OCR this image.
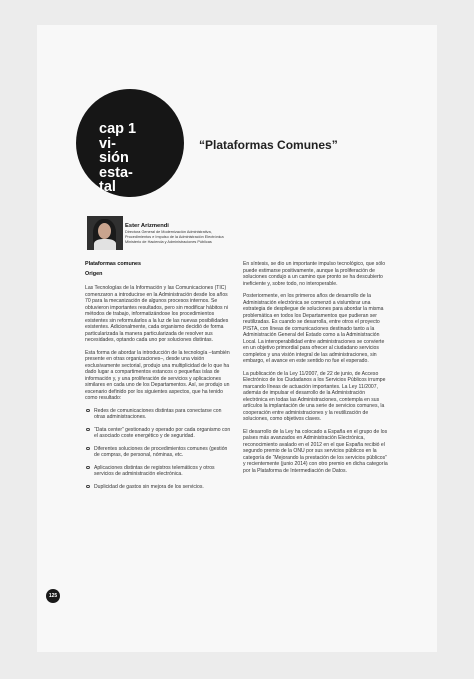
cap 1
vi-
sión
esta-
tal
“Plataformas Comunes”
Ester Arizmendi
Directora General de Modernización Administrativa,
Procedimientos e Impulso de la Administración Electrónica
Ministerio de Hacienda y Administraciones Públicas
Plataformas comunes
Origen

Las Tecnologías de la Información y las Comunicaciones (TIC) comenzaron a introducirse en la Administración desde los años 70 para la mecanización de algunos procesos internos. Se obtuvieron importantes resultados, pero sin modificar hábitos ni métodos de trabajo, informatizándose los procedimientos existentes sin reformularlos a la luz de las nuevas posibilidades existentes. Adicionalmente, cada organismo decidió de forma particularizada la manera particularizada de resolver sus necesidades, optando cada uno por soluciones distintas.

Esta forma de abordar la introducción de la tecnología –también presente en otras organizaciones–, desde una visión exclusivamente sectorial, produjo una multiplicidad de lo que ha dado lugar a compartimentos estancos o pequeñas islas de información y, y una proliferación de servicios y aplicaciones similares en cada uno de los Departamentos. Así, se produjo un escenario definido por los siguientes aspectos, que ha tenido como resultado:

Redes de comunicaciones distintas para conectarse con otras administraciones.
“Data center” gestionado y operado por cada organismo con el asociado coste energético y de seguridad.
Diferentes soluciones de procedimientos comunes (gestión de compras, de personal, nóminas, etc.
Aplicaciones distintas de registros telemáticos y otros servicios de administración electrónica.
Duplicidad de gastos sin mejora de los servicios.

En síntesis, se dio un importante impulso tecnológico, que sólo puede estimarse positivamente, aunque la proliferación de soluciones condujo a un camino que pronto se ha descubierto ineficiente y, sobre todo, no interoperable.

Posteriormente, en los primeros años de desarrollo de la Administración electrónica se comenzó a vislumbrar una estrategia de despliegue de soluciones para abordar la misma problemática en todos los Departamentos que pudieran ser reutilizadas. Es cuando se desarrolla, entre otros el proyecto PISTA, con líneas de comunicaciones destinado tanto a la Administración General del Estado como a la Administración Local. La interoperabilidad entre administraciones se convierte en un objetivo primordial para ofrecer al ciudadano servicios completos y una visión integral de las administraciones, sin embargo, el avance en este sentido no fue el esperado.

La publicación de la Ley 11/2007, de 22 de junio, de Acceso Electrónico de los Ciudadanos a los Servicios Públicos irrumpe marcando líneas de actuación importantes. La Ley 11/2007, además de impulsar el desarrollo de la Administración electrónica en todas las Administraciones, contempla en sus artículos la implantación de una serie de servicios comunes, la cooperación entre administraciones y la reutilización de soluciones, como objetivos claves.

El desarrollo de la Ley ha colocado a España en el grupo de los países más avanzados en Administración Electrónica, reconocimiento avalado en el 2012 en el que España recibió el segundo premio de la ONU por sus servicios públicos en la categoría de “Mejorando la prestación de los servicios públicos” y recientemente (junio 2014) con otro premio en dicha categoría por la Plataforma de Intermediación de Datos.

125
